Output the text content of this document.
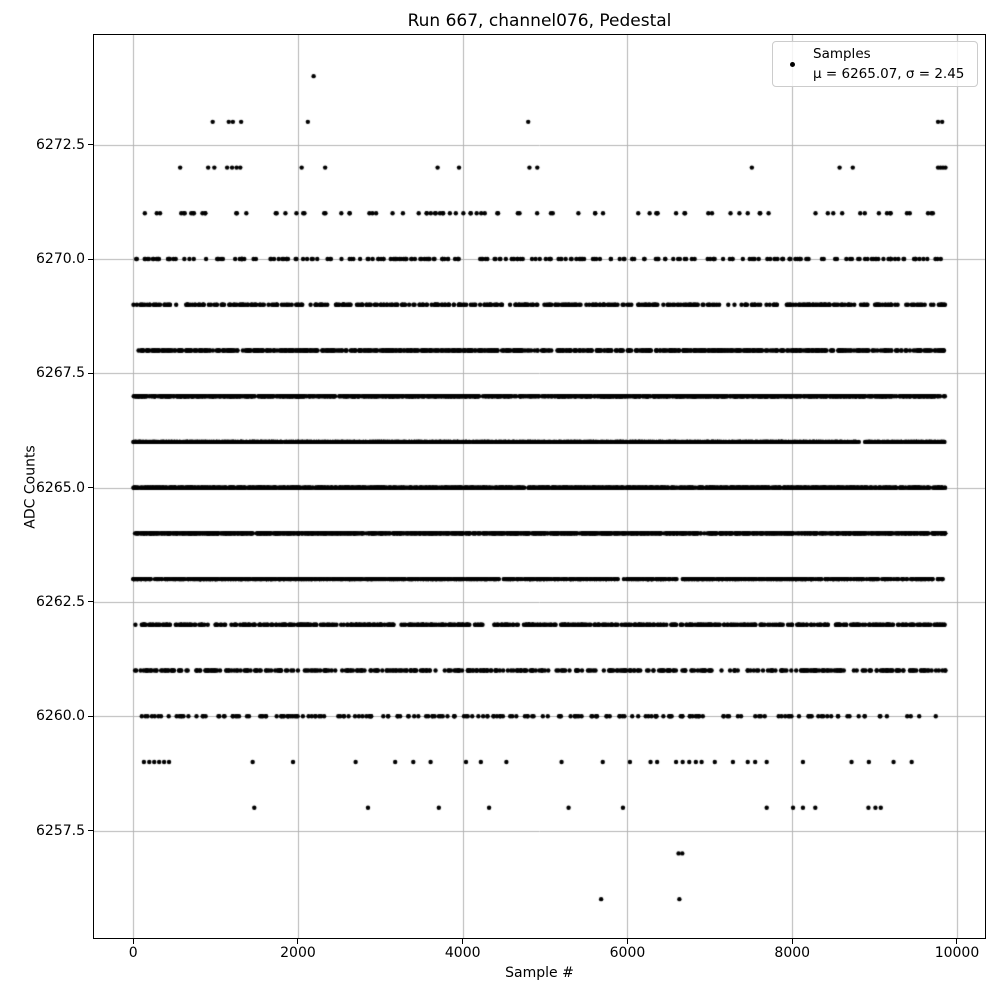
Run 667, channel076, Pedestal
Sample #
ADC Counts
Samples
μ = 6265.07, σ = 2.45
0	2000	4000	6000	8000	10000
6257.5
6260.0
6262.5
6265.0
6267.5
6270.0
6272.5
